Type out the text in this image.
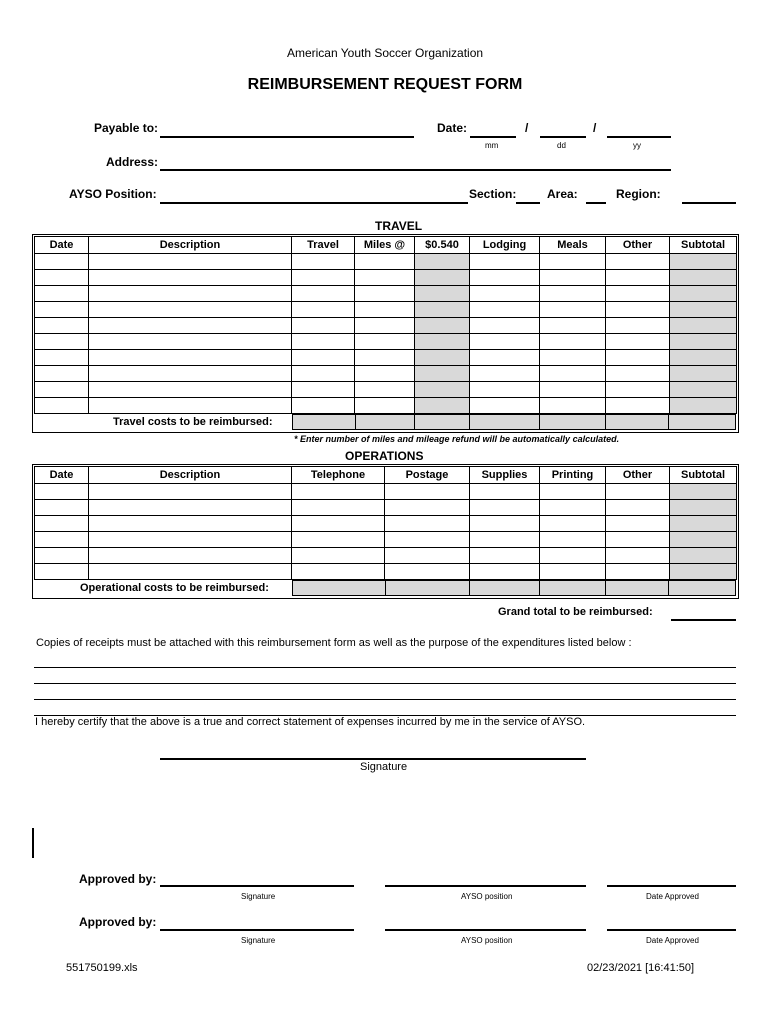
American Youth Soccer Organization
REIMBURSEMENT REQUEST FORM
Payable to:	Date:	/	/
mm	dd	yy
Address:
AYSO Position:	Section:	Area:	Region:
TRAVEL
Date	Description	Travel	Miles @	$0.540	Lodging	Meals	Other	Subtotal

Travel costs to be reimbursed:
* Enter number of miles and mileage refund will be automatically calculated.
OPERATIONS
Date	Description	Telephone	Postage	Supplies	Printing	Other	Subtotal

Operational costs to be reimbursed:
Grand total to be reimbursed:
Copies of receipts must be attached with this reimbursement form as well as the purpose of the expenditures listed below :
I hereby certify that the above is a true and correct statement of expenses incurred by me in the service of AYSO.
Signature
Approved by:
Signature	AYSO position	Date Approved
Approved by:
Signature	AYSO position	Date Approved
551750199.xls	02/23/2021 [16:41:50]
